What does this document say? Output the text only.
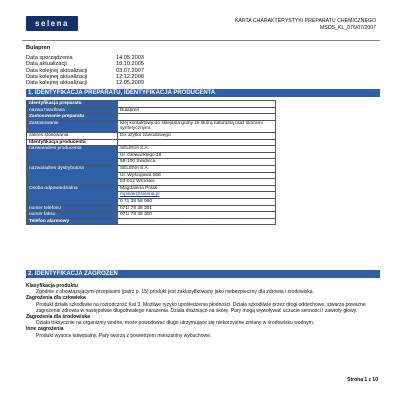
selena	KARTA CHARAKTERYSTYKI PREPARATU CHEMICZNEGO
MSDS_KL_076/07/2007
Bulapren
Data sporządzenia	14.05.2003
Data aktualizacji	18.10.2005
Data kolejnej aktualizacji	03.07.2007
Data kolejnej aktualizacji	12.12.2008
Data kolejnej aktualizacji	12.05.2009
1. IDENTYFIKACJA PREPARATU, IDENTYFIKACJA PRODUCENTA
Identyfikacja preparatu	
nazwa handlowa	Bulapren
Zastosowanie preparatu	
Zastosowanie	Klej kontaktowy do sklejania gumy ze skórą naturalną oraz skórami syntetycznymi.
zakres stosowania	Do użytku zawodowego
Identyfikacja producenta	
nazwa/adres producenta	SELENA S.A.
	Ul. Główacklego 18
	58-100 Świdnica
nazwa/adres dystrybutora	SELENA S.A.
	Ul. Wyścigowa 56E
	53-012 Wrocław
Osoba odpowiedzialna	Magdalena Polak
	mpolak@selena.pl
	0 71 38 58 060
numer telefonu	071/ 78 38 301
numer faksu	071/ 78 38 300
Telefon alarmowy	0 601 350 500 (czynny w godzinach 8-16)
2. IDENTYFIKACJA ZAGROŻEŃ
Klasyfikacja produktu
Zgodnie z obowiązującymi przepisami (patrz p. 15) produkt jest zaklasyfikowany jako niebezpieczny dla zdrowia i środowiska.
Zagrożenia dla człowieka
Produkt działa szkodliwie na rozrodczość Kat 3. Możliwe ryzyko upośledzenia płodności. Działa szkodliwie przez drogi oddechowe, stwarza poważne zagrożenie zdrowia w następstwie długotrwałego narażenia. Działa drażniąco na skórę. Pary mogą wywoływać uczucie senności i zawroty głowy.
Zagrożenia dla środowiska
Działa toksycznie na organizmy wodne; może powodować długo utrzymujące się niekorzystne zmiany w środowisku wodnym.
Inne zagrożenia
Produkt wysoce łatwopalny. Pary tworzą z powietrzem mieszaniny wybuchowe.
Strona 1 z 10
